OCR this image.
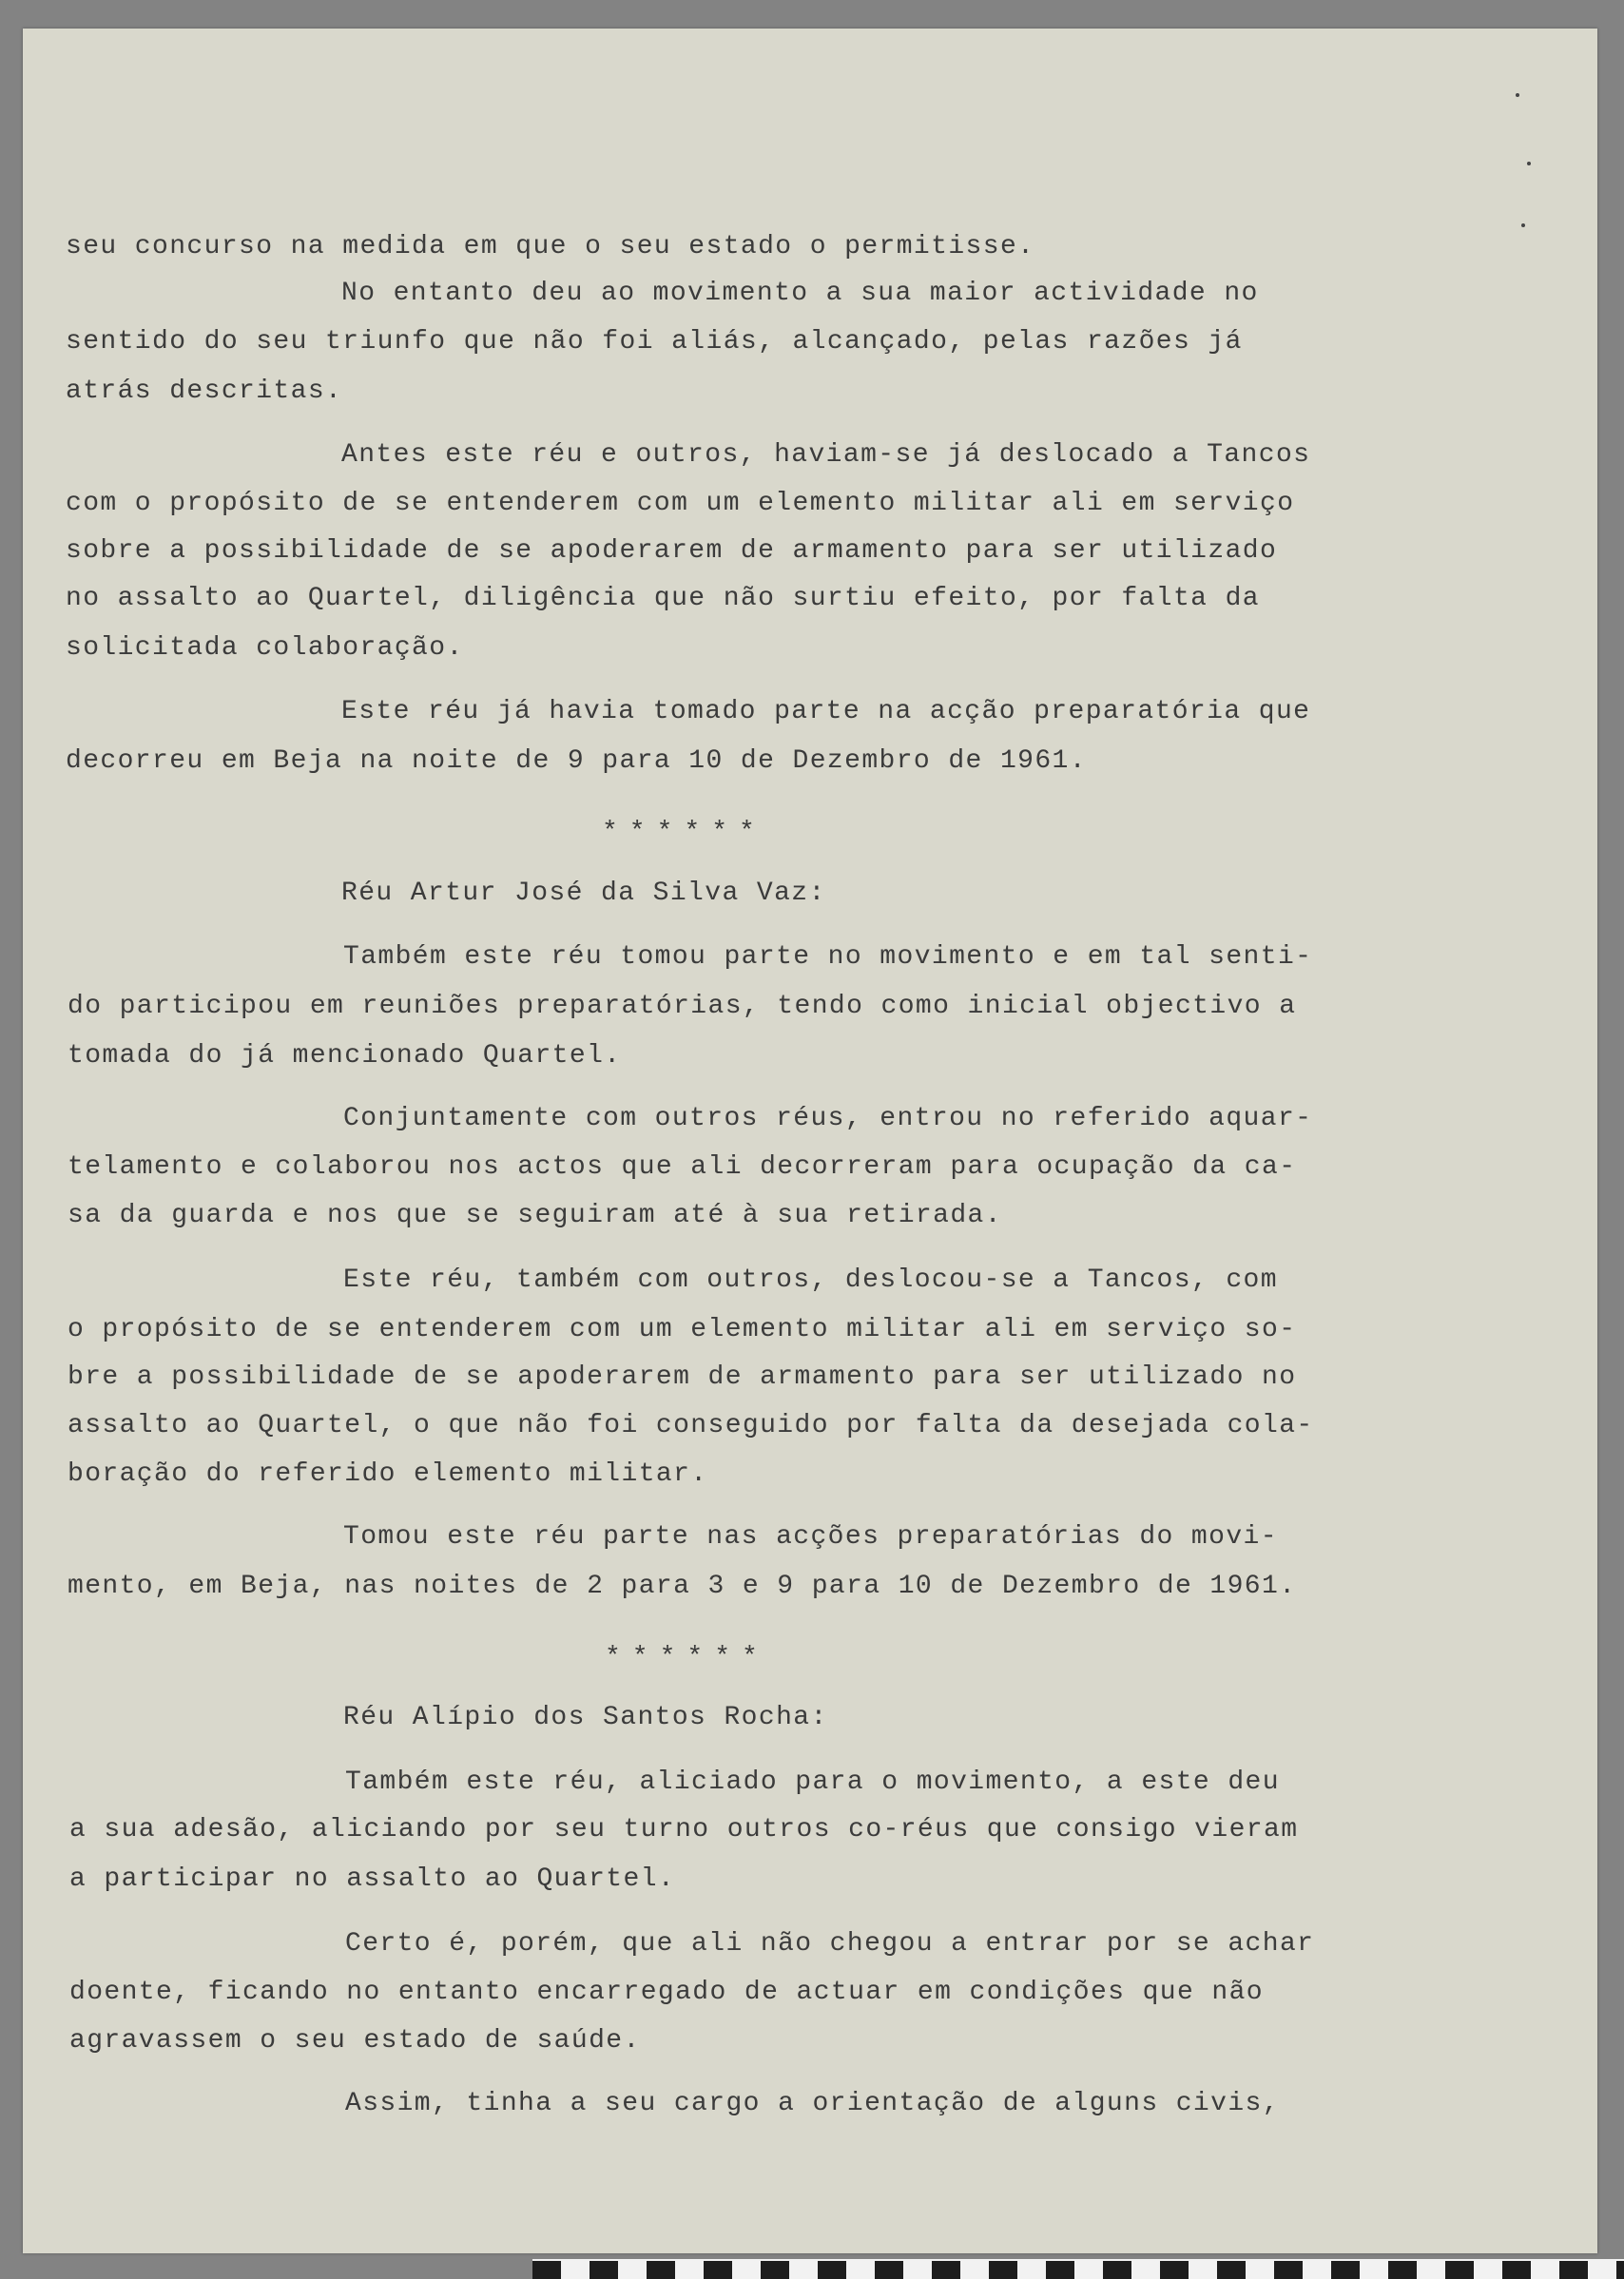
seu concurso na medida em que o seu estado o permitisse.
No entanto deu ao movimento a sua maior actividade no
sentido do seu triunfo que não foi aliás, alcançado, pelas razões já
atrás descritas.
Antes este réu e outros, haviam-se já deslocado a Tancos
com o propósito de se entenderem com um elemento militar ali em serviço
sobre a possibilidade de se apoderarem de armamento para ser utilizado
no assalto ao Quartel, diligência que não surtiu efeito, por falta da
solicitada colaboração.
Este réu já havia tomado parte na acção preparatória que
decorreu em Beja na noite de 9 para 10 de Dezembro de 1961.
******
Réu Artur José da Silva Vaz:
Também este réu tomou parte no movimento e em tal senti-
do participou em reuniões preparatórias, tendo como inicial objectivo a
tomada do já mencionado Quartel.
Conjuntamente com outros réus, entrou no referido aquar-
telamento e colaborou nos actos que ali decorreram para ocupação da ca-
sa da guarda e nos que se seguiram até à sua retirada.
Este réu, também com outros, deslocou-se a Tancos, com
o propósito de se entenderem com um elemento militar ali em serviço so-
bre a possibilidade de se apoderarem de armamento para ser utilizado no
assalto ao Quartel, o que não foi conseguido por falta da desejada cola-
boração do referido elemento militar.
Tomou este réu parte nas acções preparatórias do movi-
mento, em Beja, nas noites de 2 para 3 e 9 para 10 de Dezembro de 1961.
******
Réu Alípio dos Santos Rocha:
Também este réu, aliciado para o movimento, a este deu
a sua adesão, aliciando por seu turno outros co-réus que consigo vieram
a participar no assalto ao Quartel.
Certo é, porém, que ali não chegou a entrar por se achar
doente, ficando no entanto encarregado de actuar em condições que não
agravassem o seu estado de saúde.
Assim, tinha a seu cargo a orientação de alguns civis,
